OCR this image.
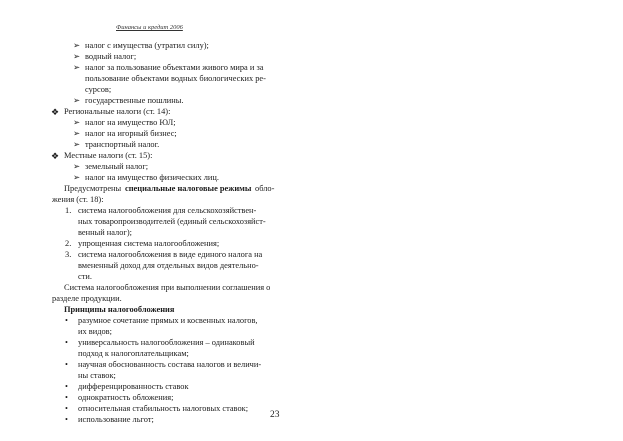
Финансы и кредит 2006
➢ налог с имущества (утратил силу);
➢ водный налог;
➢ налог за пользование объектами живого мира и за
пользование объектами водных биологических ре-
сурсов;
➢ государственные пошлины.
❖ Региональные налоги (ст. 14):
➢ налог на имущество ЮЛ;
➢ налог на игорный бизнес;
➢ транспортный налог.
❖ Местные налоги (ст. 15):
➢ земельный налог;
➢ налог на имущество физических лиц.
Предусмотрены специальные налоговые режимы обло-
жения (ст. 18):
1. система налогообложения для сельскохозяйствен-
ных товаропроизводителей (единый сельскохозяйст-
венный налог);
2. упрощенная система налогообложения;
3. система налогообложения в виде единого налога на
вмененный доход для отдельных видов деятельно-
сти.
Система налогообложения при выполнении соглашения о
разделе продукции.
Принципы налогообложения
• разумное сочетание прямых и косвенных налогов,
их видов;
• универсальность налогообложения – одинаковый
подход к налогоплательщикам;
• научная обоснованность состава налогов и величи-
ны ставок;
• дифференцированность ставок
• однократность обложения;
• относительная стабильность налоговых ставок;
• использование льгот;	23
